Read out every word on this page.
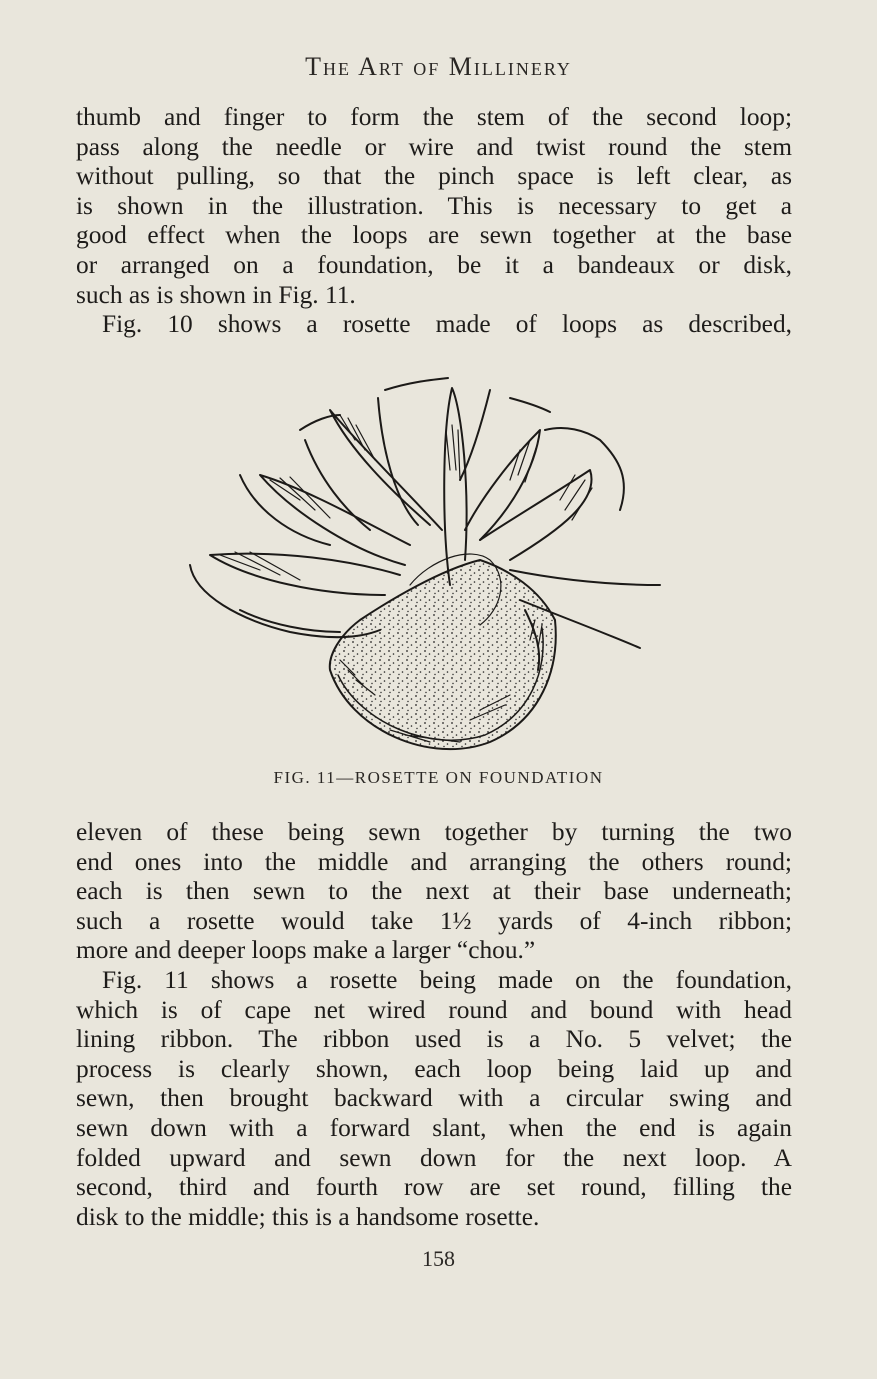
The Art of Millinery
thumb and finger to form the stem of the second loop;
pass along the needle or wire and twist round the stem
without pulling, so that the pinch space is left clear, as
is shown in the illustration. This is necessary to get a
good effect when the loops are sewn together at the base
or arranged on a foundation, be it a bandeaux or disk,
such as is shown in Fig. 11.
Fig. 10 shows a rosette made of loops as described,
FIG. 11—ROSETTE ON FOUNDATION
eleven of these being sewn together by turning the two
end ones into the middle and arranging the others round;
each is then sewn to the next at their base underneath;
such a rosette would take 1½ yards of 4-inch ribbon;
more and deeper loops make a larger “chou.”
Fig. 11 shows a rosette being made on the foundation,
which is of cape net wired round and bound with head
lining ribbon. The ribbon used is a No. 5 velvet; the
process is clearly shown, each loop being laid up and
sewn, then brought backward with a circular swing and
sewn down with a forward slant, when the end is again
folded upward and sewn down for the next loop. A
second, third and fourth row are set round, filling the
disk to the middle; this is a handsome rosette.
158
